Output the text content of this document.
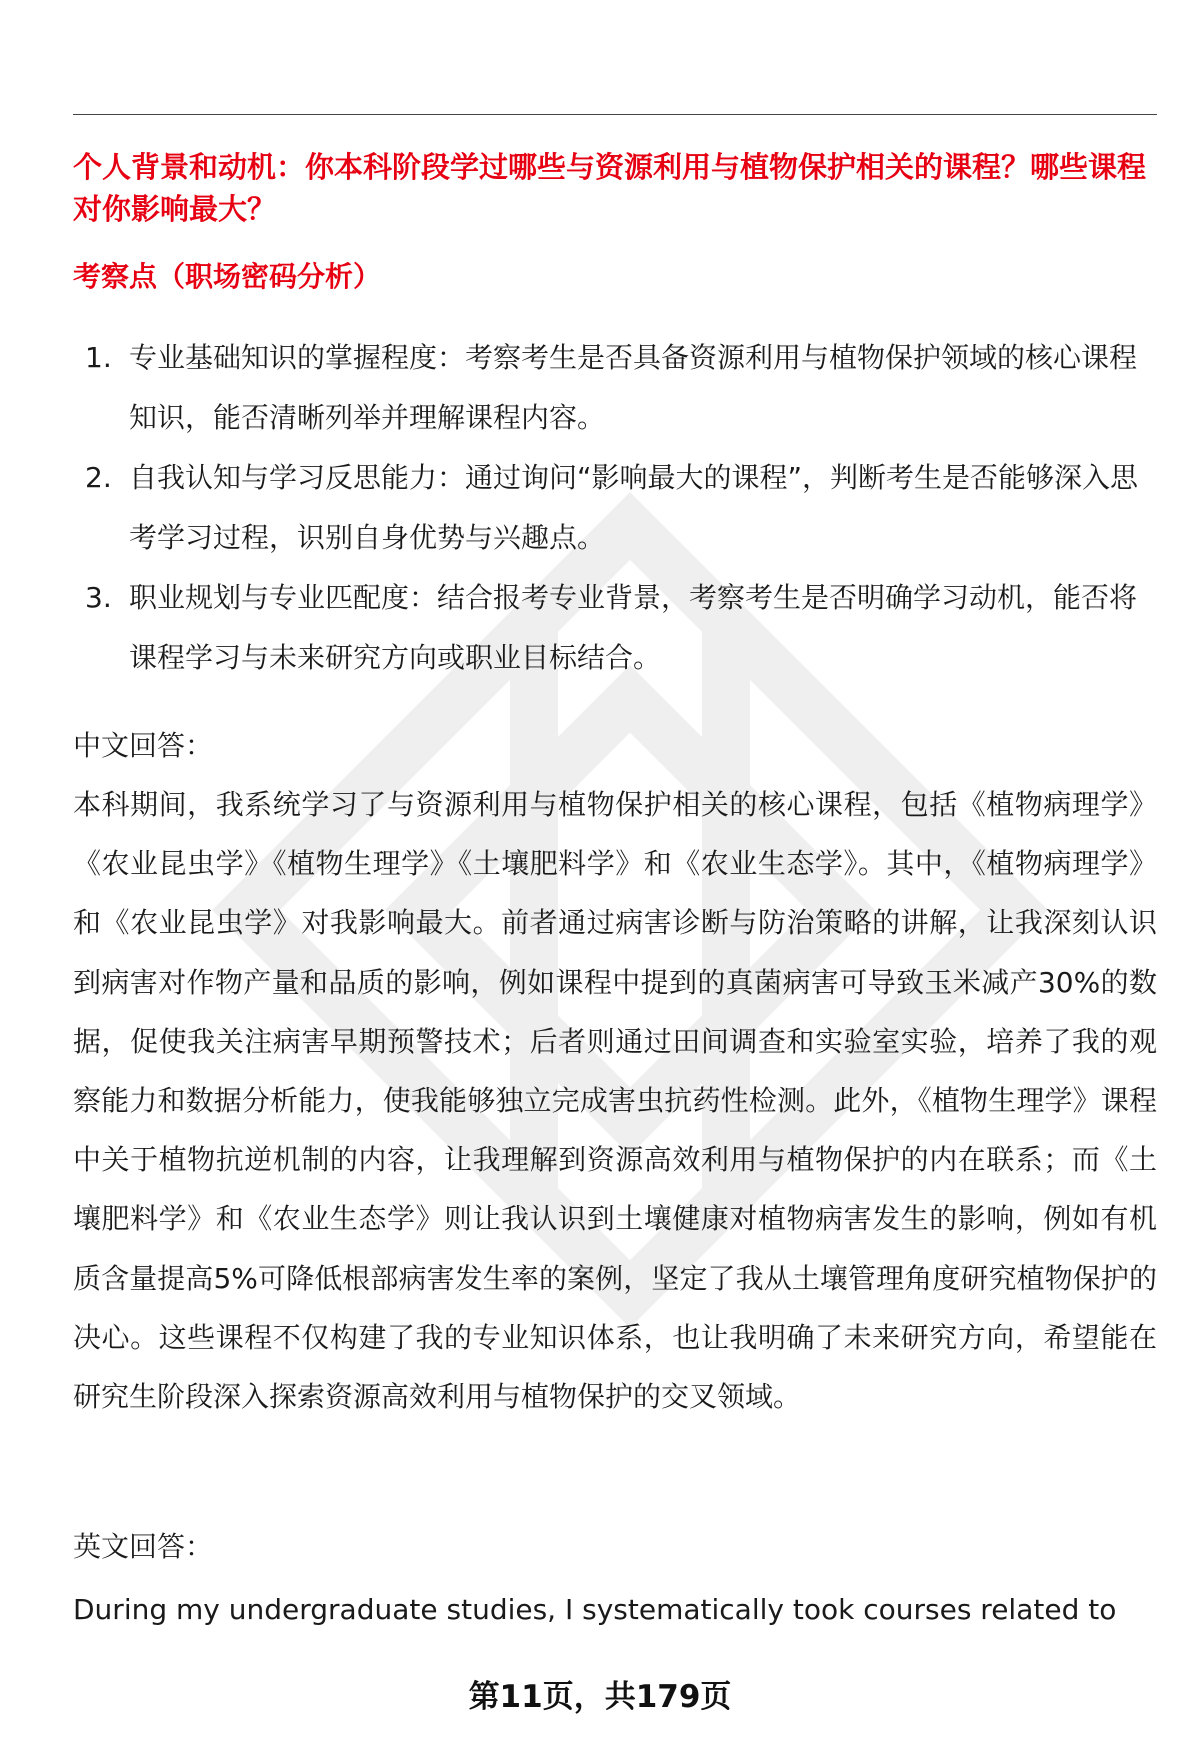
个人背景和动机：你本科阶段学过哪些与资源利用与植物保护相关的课程？哪些课程对你影响最大？

考察点（职场密码分析）

1. 专业基础知识的掌握程度：考察考生是否具备资源利用与植物保护领域的核心课程知识，能否清晰列举并理解课程内容。
2. 自我认知与学习反思能力：通过询问“影响最大的课程”，判断考生是否能够深入思考学习过程，识别自身优势与兴趣点。
3. 职业规划与专业匹配度：结合报考专业背景，考察考生是否明确学习动机，能否将课程学习与未来研究方向或职业目标结合。

中文回答：

本科期间，我系统学习了与资源利用与植物保护相关的核心课程，包括《植物病理学》《农业昆虫学》《植物生理学》《土壤肥料学》和《农业生态学》。其中，《植物病理学》和《农业昆虫学》对我影响最大。前者通过病害诊断与防治策略的讲解，让我深刻认识到病害对作物产量和品质的影响，例如课程中提到的真菌病害可导致玉米减产30%的数据，促使我关注病害早期预警技术；后者则通过田间调查和实验室实验，培养了我的观察能力和数据分析能力，使我能够独立完成害虫抗药性检测。此外，《植物生理学》课程中关于植物抗逆机制的内容，让我理解到资源高效利用与植物保护的内在联系；而《土壤肥料学》和《农业生态学》则让我认识到土壤健康对植物病害发生的影响，例如有机质含量提高5%可降低根部病害发生率的案例，坚定了我从土壤管理角度研究植物保护的决心。这些课程不仅构建了我的专业知识体系，也让我明确了未来研究方向，希望能在研究生阶段深入探索资源高效利用与植物保护的交叉领域。

英文回答：

During my undergraduate studies, I systematically took courses related to

第11页，共179页
